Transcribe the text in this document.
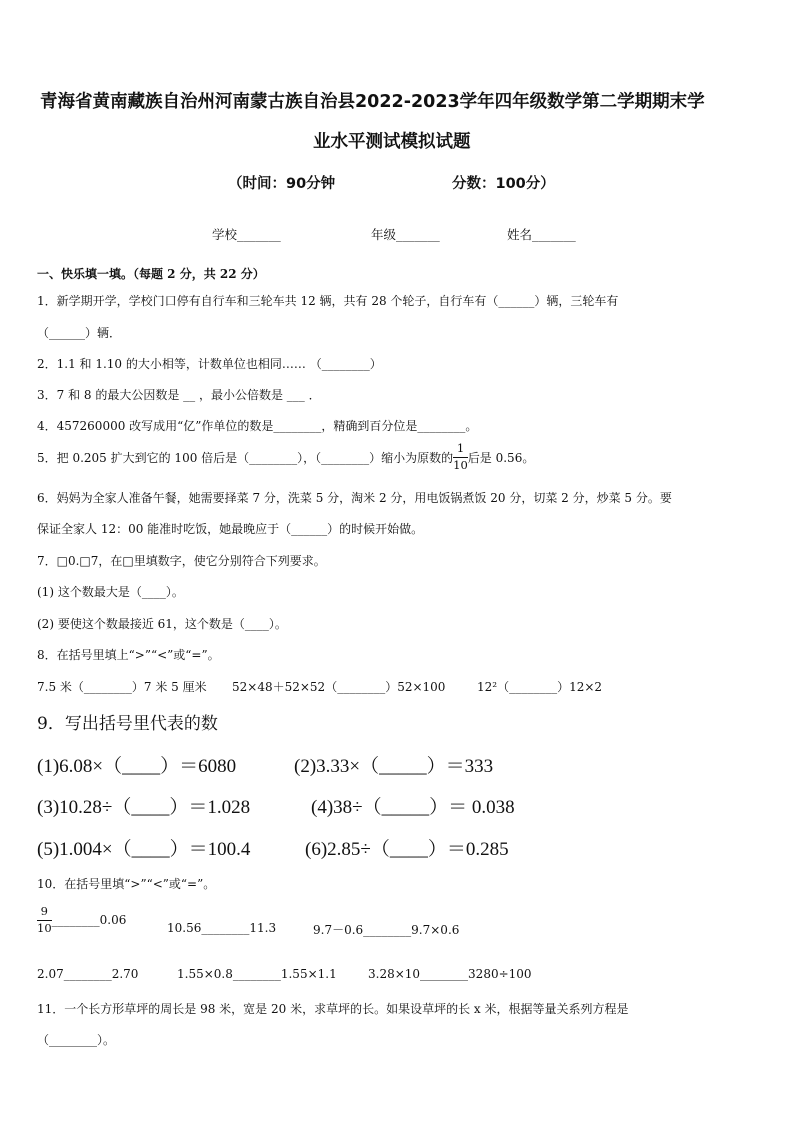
青海省黄南藏族自治州河南蒙古族自治县2022-2023学年四年级数学第二学期期末学
业水平测试模拟试题
（时间：90分钟	分数：100分）
学校_______	年级_______	姓名_______
一、快乐填一填。（每题 2 分，共 22 分）
1．新学期开学，学校门口停有自行车和三轮车共 12 辆，共有 28 个轮子，自行车有（______）辆，三轮车有
（______）辆．
2．1.1 和 1.10 的大小相等，计数单位也相同…… （________）
3．7 和 8 的最大公因数是 __ ，最小公倍数是 ___ ．
4．457260000 改写成用“亿”作单位的数是________，精确到百分位是________。
5．把 0.205 扩大到它的 100 倍后是（________），（________）缩小为原数的 $\frac{1}{10}$ 后是 0.56。
6．妈妈为全家人准备午餐，她需要择菜 7 分，洗菜 5 分，淘米 2 分，用电饭锅煮饭 20 分，切菜 2 分，炒菜 5 分。要
保证全家人 12：00 能准时吃饭，她最晚应于（______）的时候开始做。
7．□0.□7，在□里填数字，使它分别符合下列要求。
(1) 这个数最大是（____）。
(2) 要使这个数最接近 61，这个数是（____）。
8．在括号里填上“>”“<”或“=”。
7.5 米（________）7 米 5 厘米 52×48＋52×52（________）52×100	12²（________）12×2
9．写出括号里代表的数
(1)6.08×（____）＝6080	(2)3.33×（_____）＝333
(3)10.28÷（____）＝1.028	(4)38÷（_____）＝ 0.038
(5)1.004×（____）＝100.4	(6)2.85÷（____）＝0.285
10．在括号里填“>”“<”或“=”。
$\frac{9}{10}$ ________0.06
10.56________11.3	9.7－0.6________9.7×0.6
2.07________2.70	1.55×0.8________1.55×1.1	3.28×10________3280÷100
11．一个长方形草坪的周长是 98 米，宽是 20 米，求草坪的长。如果设草坪的长 x 米，根据等量关系列方程是
（________）。
